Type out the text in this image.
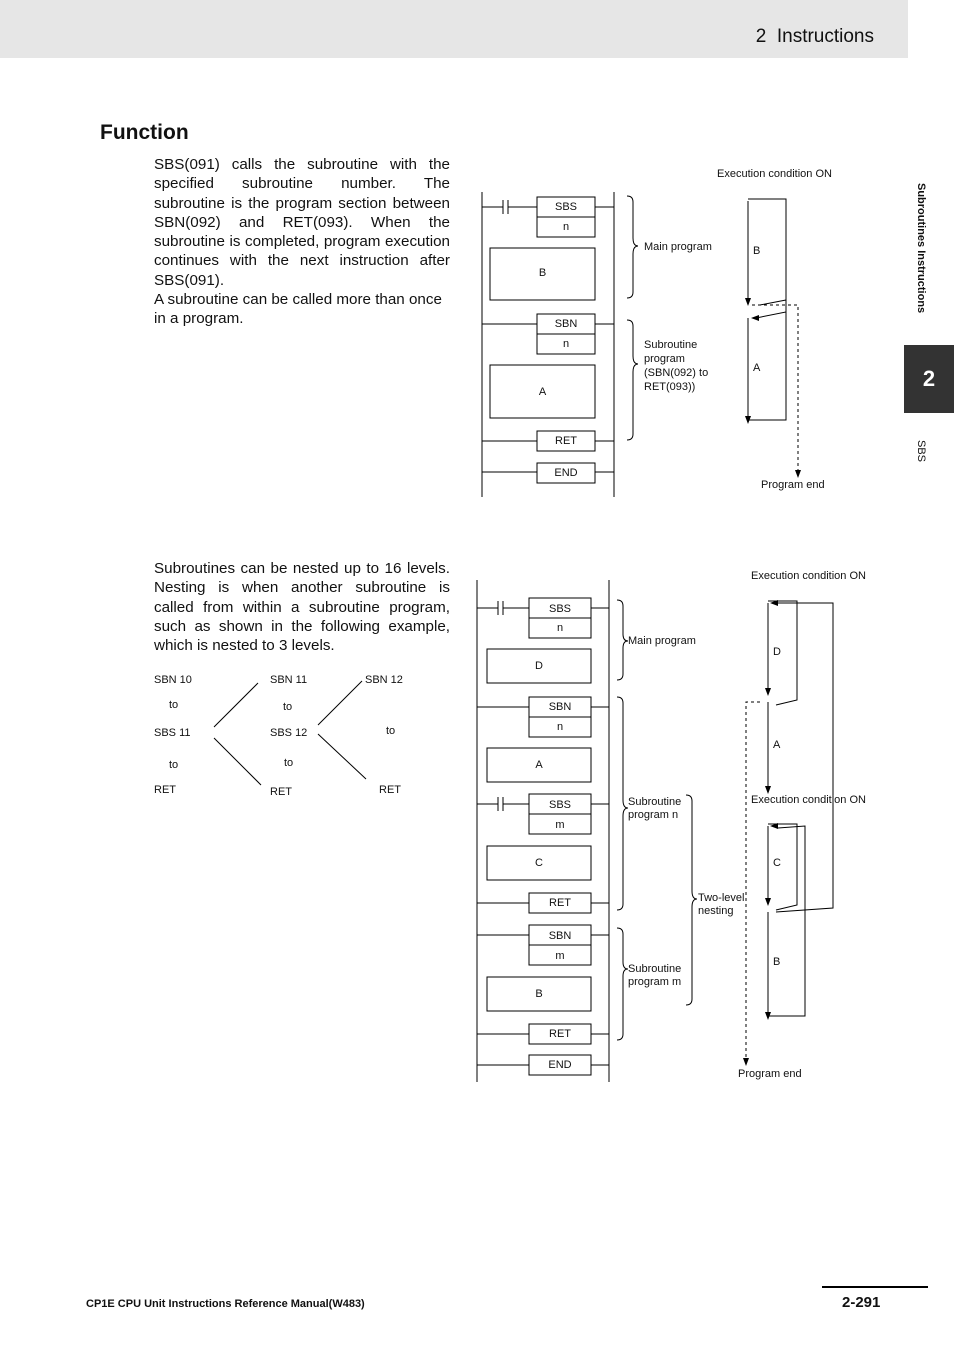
2 Instructions
Subroutines Instructions
2
SBS
Function

SBS(091) calls the subroutine with the specified subroutine number. The subroutine is the program section between SBN(092) and RET(093). When the subroutine is completed, program execution continues with the next instruction after SBS(091).

A subroutine can be called more than once in a program.

Subroutines can be nested up to 16 levels. Nesting is when another subroutine is called from within a subroutine program, such as shown in the following example, which is nested to 3 levels.

SBN 10
to
SBS 11
to
RET
SBN 11
to
SBS 12
to
RET
SBN 12
to
RET
Execution condition ON
SBS
n
B
SBN
n
A
RET
END
Main program
Subroutine
program
(SBN(092) to
RET(093))
B
A
Program end
Execution condition ON
Execution condition ON
SBS
n
D
SBN
n
A
SBS
m
C
RET
SBN
m
B
RET
END
Main program
Subroutine
program n
Subroutine
program m
Two-level
nesting
D
A
C
B
Program end
CP1E CPU Unit Instructions Reference Manual(W483)	2-291
